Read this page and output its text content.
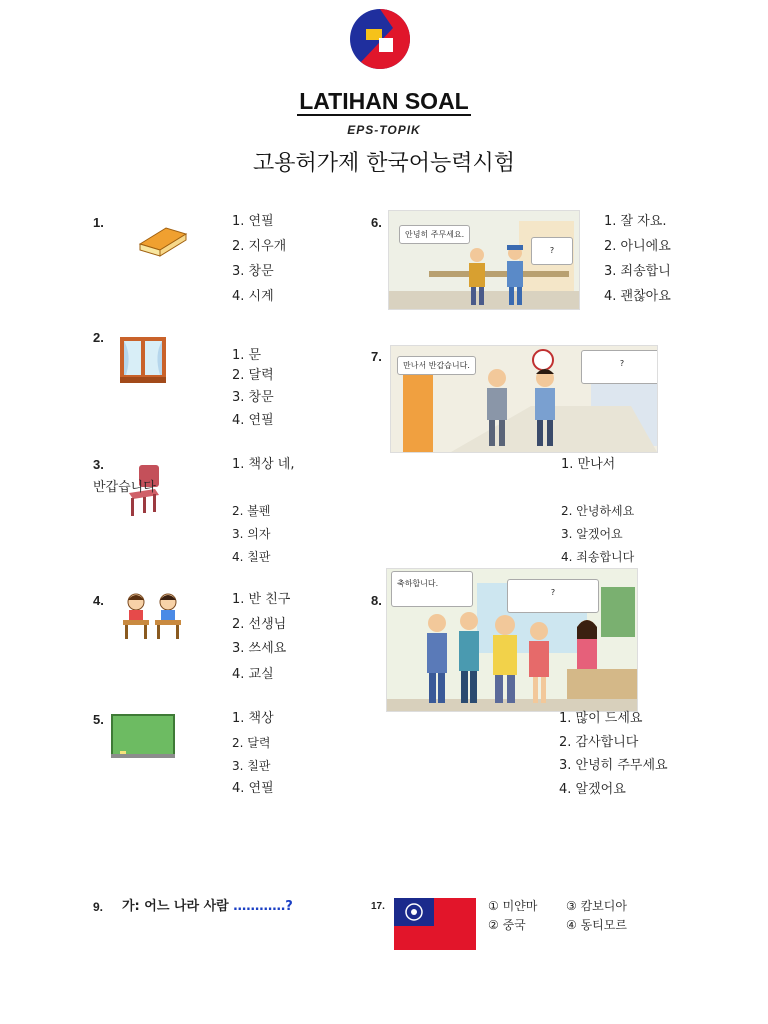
LATIHAN SOAL
EPS-TOPIK
고용허가제 한국어능력시험
1.	1. 연필
2. 지우개
3. 창문
4. 시계
2.
1. 문
2. 달력
3. 창문
4. 연필
3.
반갑습니다
1. 책상 네,
2. 볼펜
3. 의자
4. 칠판
4.	1. 반 친구
2. 선생님
3. 쓰세요
4. 교실
5.	1. 책상
2. 달력
3. 칠판
4. 연필
6.
안녕히 주무세요.
?
1. 잘 자요.
2. 아니에요
3. 죄송합니
4. 괜찮아요
7.
만나서 반갑습니다.	?
1. 만나서
2. 안녕하세요
3. 알겠어요
4. 죄송합니다
8.
축하합니다.
?
1. 많이 드세요
2. 감사합니다
3. 안녕히 주무세요
4. 알겠어요
9. 가: 어느 나라 사람 …………?	17.	① 미얀마 ③ 캄보디아
② 중국	④ 동티모르
